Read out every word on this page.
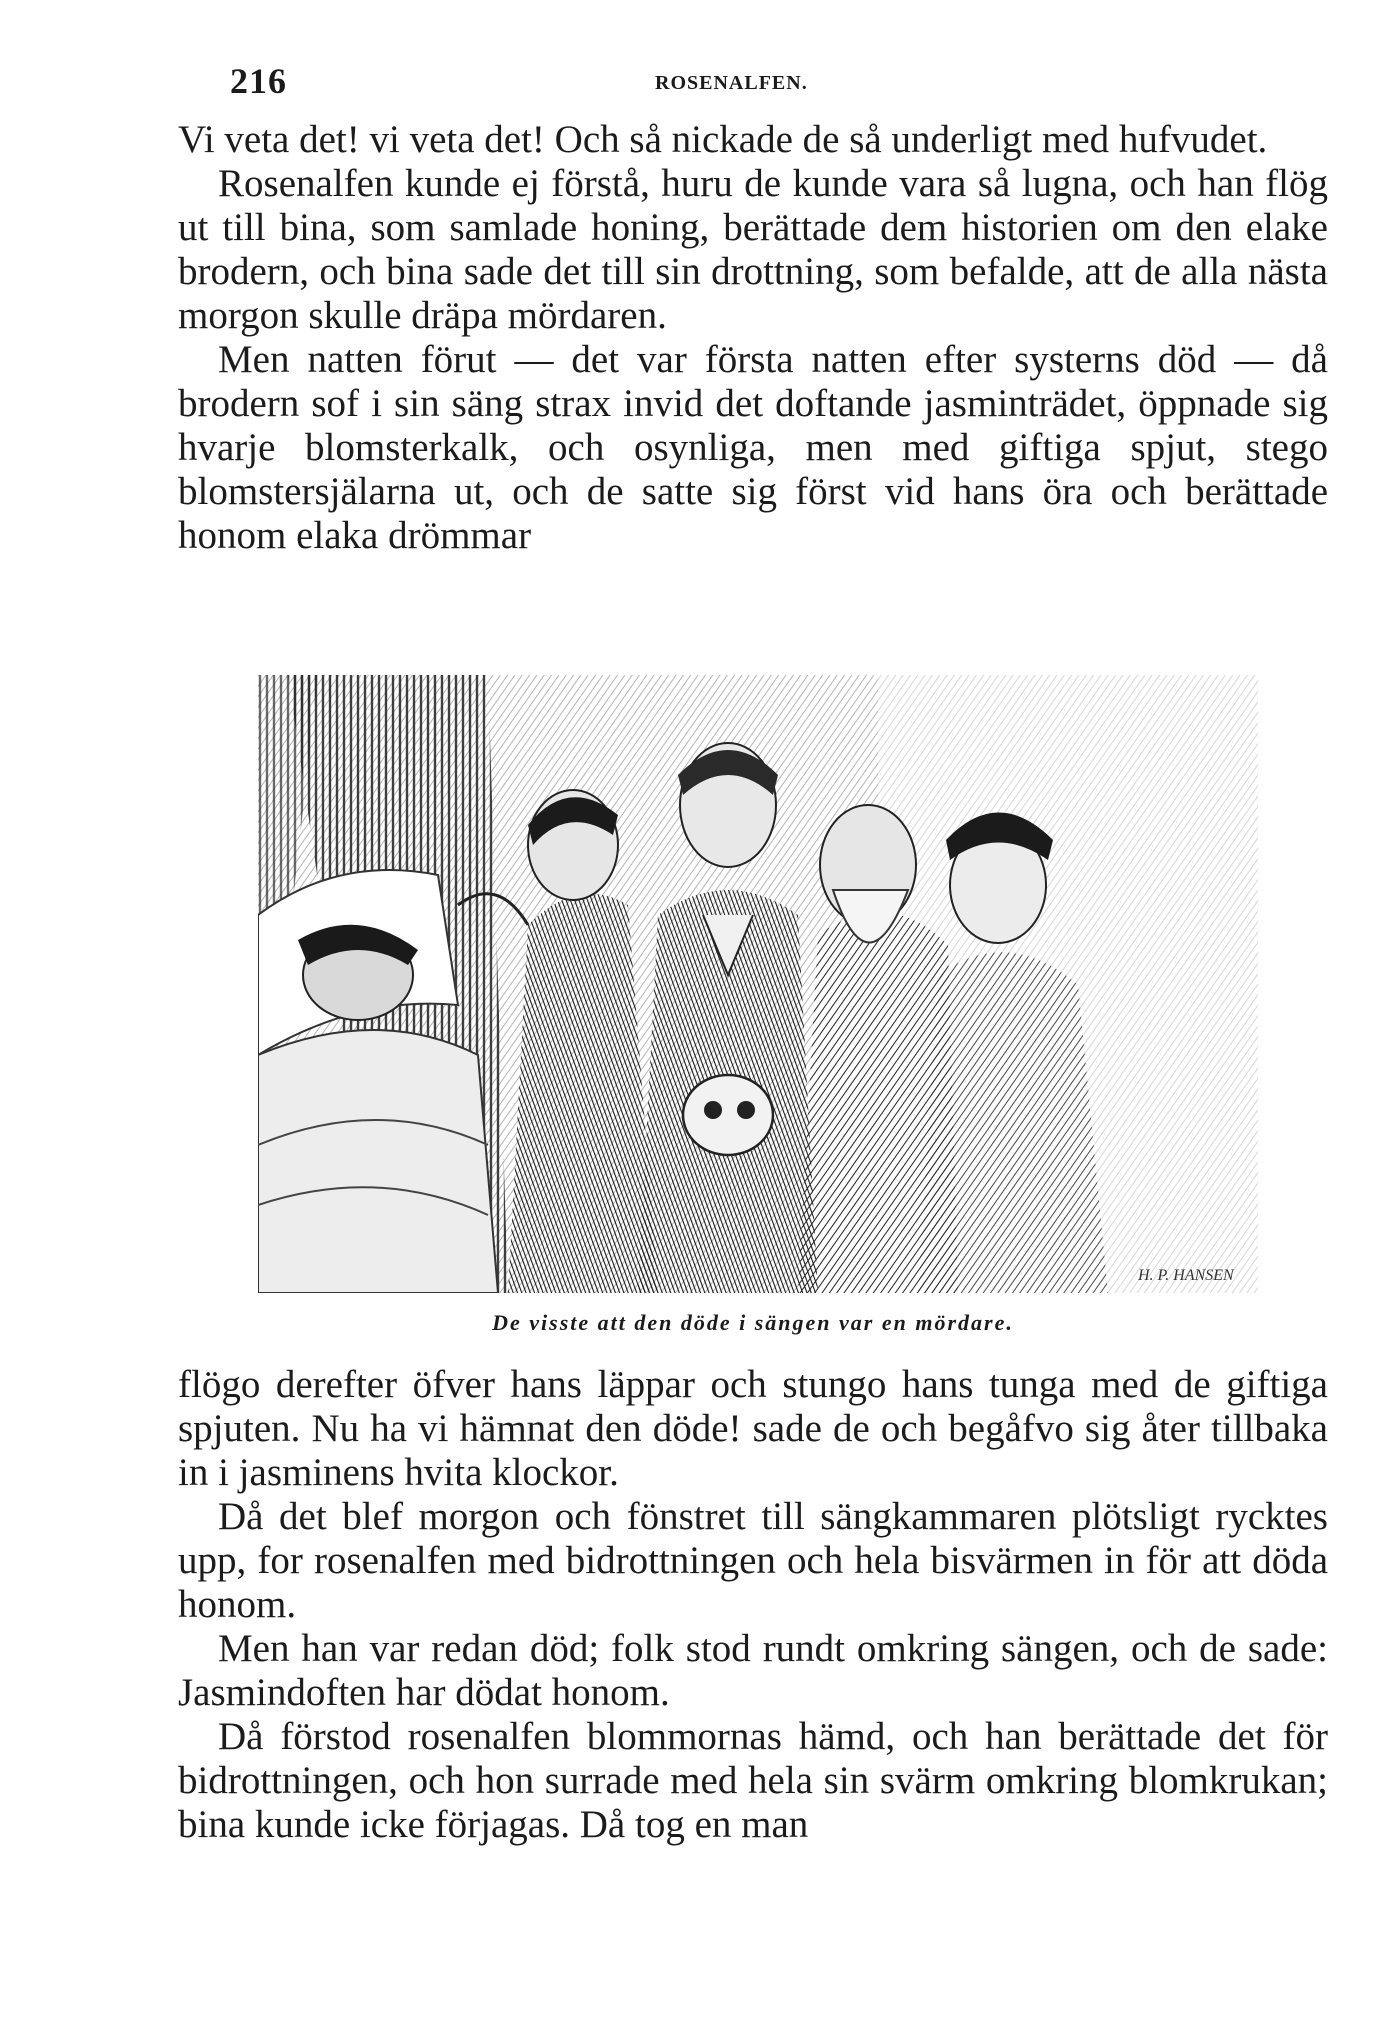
216	ROSENALFEN.

Vi veta det! vi veta det! Och så nickade de så underligt med hufvudet.

Rosenalfen kunde ej förstå, huru de kunde vara så lugna, och han flög ut till bina, som samlade honing, berättade dem historien om den elake brodern, och bina sade det till sin drottning, som befalde, att de alla nästa morgon skulle dräpa mördaren.

Men natten förut — det var första natten efter systerns död — då brodern sof i sin säng strax invid det doftande jasminträdet, öppnade sig hvarje blomsterkalk, och osynliga, men med giftiga spjut, stego blomstersjälarna ut, och de satte sig först vid hans öra och berättade honom elaka drömmar

H. P. HANSEN
De visste att den döde i sängen var en mördare.

flögo derefter öfver hans läppar och stungo hans tunga med de giftiga spjuten. Nu ha vi hämnat den döde! sade de och begåfvo sig åter tillbaka in i jasminens hvita klockor.

Då det blef morgon och fönstret till sängkammaren plötsligt rycktes upp, for rosenalfen med bidrottningen och hela bisvärmen in för att döda honom.

Men han var redan död; folk stod rundt omkring sängen, och de sade: Jasmindoften har dödat honom.

Då förstod rosenalfen blommornas hämd, och han berättade det för bidrottningen, och hon surrade med hela sin svärm omkring blomkrukan; bina kunde icke förjagas. Då tog en man
